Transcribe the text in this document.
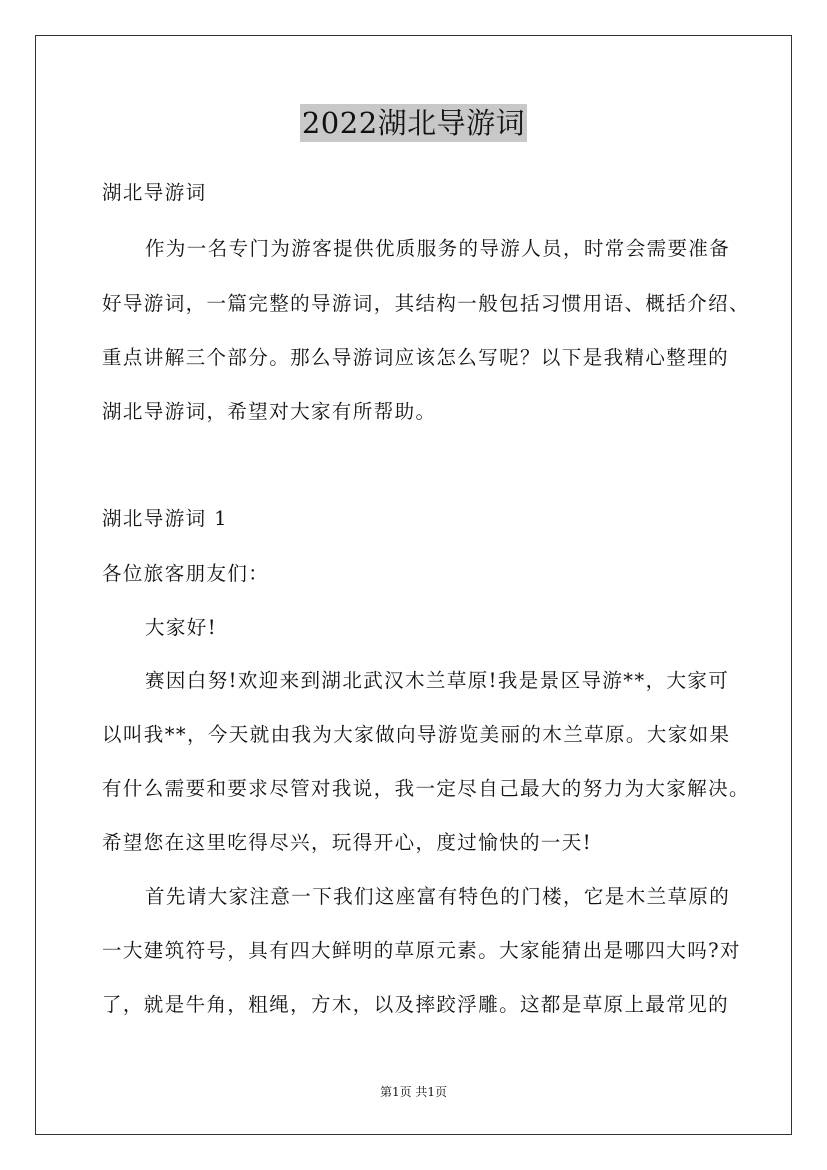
2022湖北导游词
湖北导游词
作为一名专门为游客提供优质服务的导游人员，时常会需要准备
好导游词，一篇完整的导游词，其结构一般包括习惯用语、概括介绍、
重点讲解三个部分。那么导游词应该怎么写呢？以下是我精心整理的
湖北导游词，希望对大家有所帮助。
湖北导游词 1
各位旅客朋友们：
大家好!
赛因白努!欢迎来到湖北武汉木兰草原!我是景区导游**，大家可
以叫我**，今天就由我为大家做向导游览美丽的木兰草原。大家如果
有什么需要和要求尽管对我说，我一定尽自己最大的努力为大家解决。
希望您在这里吃得尽兴，玩得开心，度过愉快的一天!
首先请大家注意一下我们这座富有特色的门楼，它是木兰草原的
一大建筑符号，具有四大鲜明的草原元素。大家能猜出是哪四大吗?对
了，就是牛角，粗绳，方木，以及摔跤浮雕。这都是草原上最常见的
第1页 共1页
